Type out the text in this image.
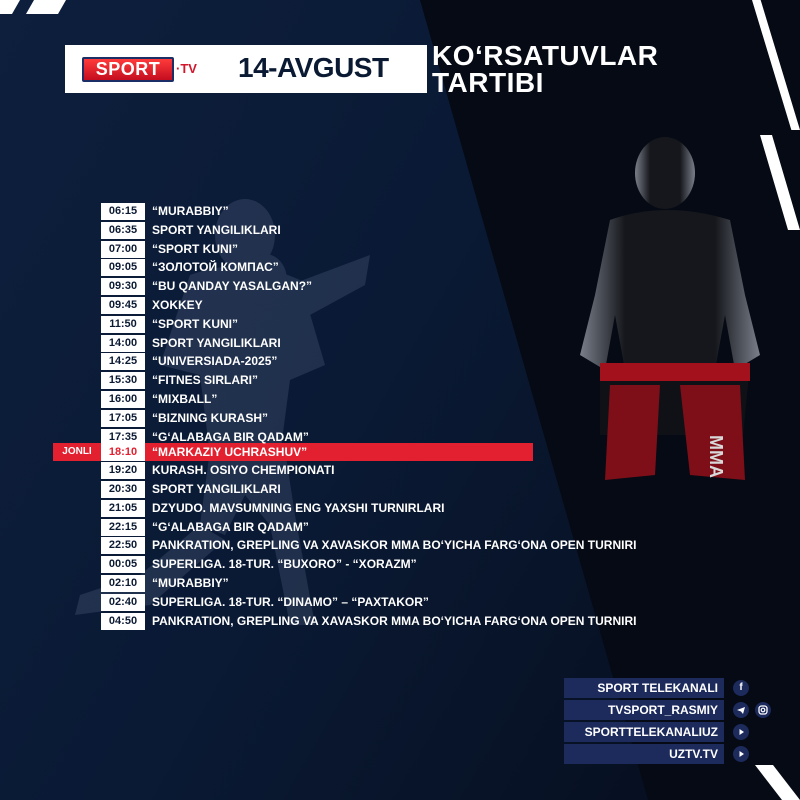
MMA
SPORT	·TV 14-AVGUST KO‘RSATUVLAR
TARTIBI
JONLI
06:15	“MURABBIY”
06:35	SPORT YANGILIKLARI
07:00	“SPORT KUNI”
09:05	“ЗОЛОТОЙ КОМПАС”
09:30	“BU QANDAY YASALGAN?”
09:45	XOKKEY
11:50	“SPORT KUNI”
14:00	SPORT YANGILIKLARI
14:25	“UNIVERSIADA-2025”
15:30	“FITNES SIRLARI”
16:00	“MIXBALL”
17:05	“BIZNING KURASH”
17:35	“G‘ALABAGA BIR QADAM”
18:10	“MARKAZIY UCHRASHUV”
19:20	KURASH. OSIYO CHEMPIONATI
20:30	SPORT YANGILIKLARI
21:05	DZYUDO. MAVSUMNING ENG YAXSHI TURNIRLARI
22:15	“G‘ALABAGA BIR QADAM”
22:50	PANKRATION, GREPLING VA XAVASKOR MMA BO‘YICHA FARG‘ONA OPEN TURNIRI
00:05	SUPERLIGA. 18-TUR. “BUXORO” - “XORAZM”
02:10	“MURABBIY”
02:40	SUPERLIGA. 18-TUR. “DINAMO” – “PAXTAKOR”
04:50	PANKRATION, GREPLING VA XAVASKOR MMA BO‘YICHA FARG‘ONA OPEN TURNIRI
SPORT TELEKANALI	f
TVSPORT_RASMIY
SPORTTELEKANALIUZ
UZTV.TV
